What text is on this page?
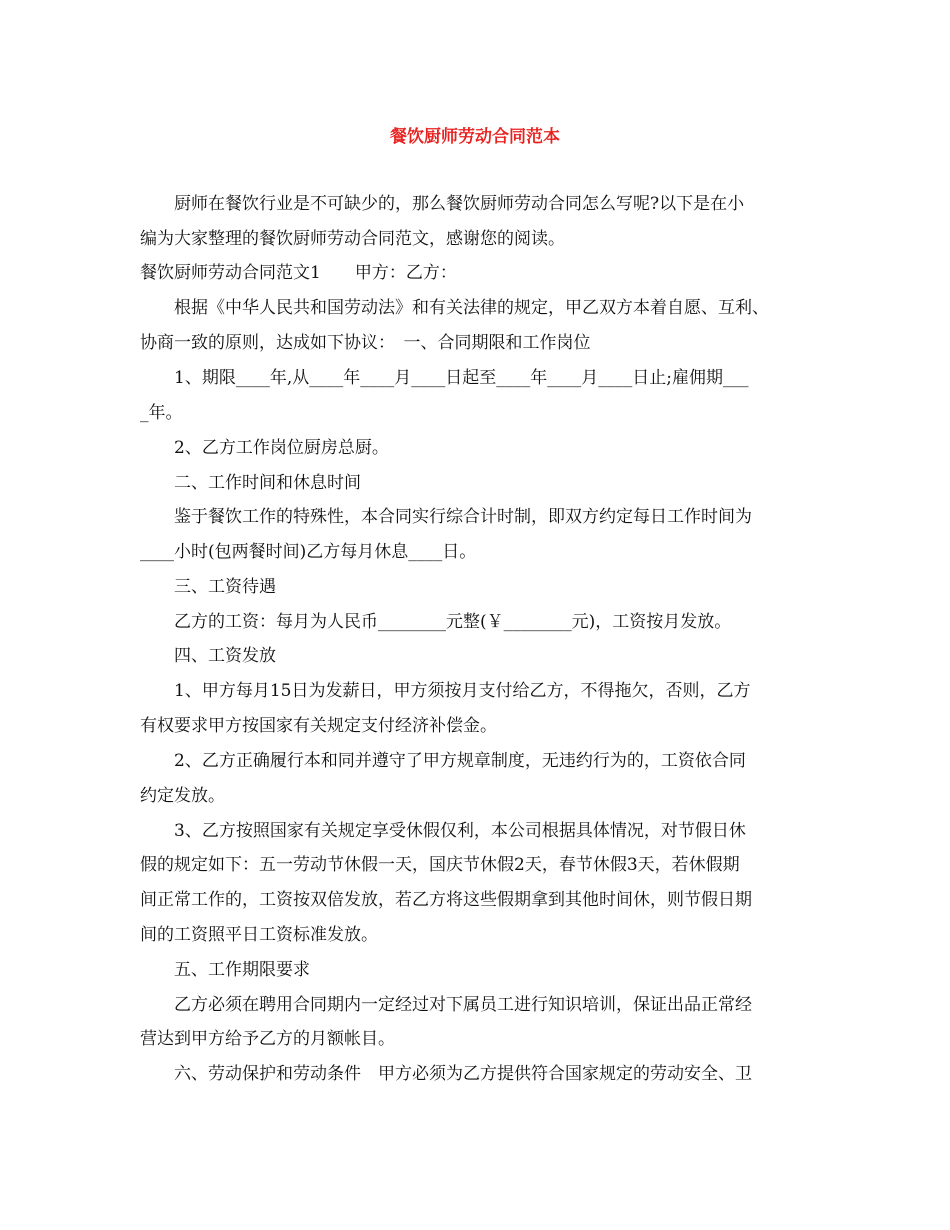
餐饮厨师劳动合同范本
厨师在餐饮行业是不可缺少的，那么餐饮厨师劳动合同怎么写呢?以下是在小
编为大家整理的餐饮厨师劳动合同范文，感谢您的阅读。
餐饮厨师劳动合同范文1　　甲方：乙方：
根据《中华人民共和国劳动法》和有关法律的规定，甲乙双方本着自愿、互利、
协商一致的原则，达成如下协议：　一、合同期限和工作岗位
1、期限____年,从____年____月____日起至____年____月____日止;雇佣期___
_年。
2、乙方工作岗位厨房总厨。
二、工作时间和休息时间
鉴于餐饮工作的特殊性，本合同实行综合计时制，即双方约定每日工作时间为
____小时(包两餐时间)乙方每月休息____日。
三、工资待遇
乙方的工资：每月为人民币________元整(￥________元)，工资按月发放。
四、工资发放
1、甲方每月15日为发薪日，甲方须按月支付给乙方，不得拖欠，否则，乙方
有权要求甲方按国家有关规定支付经济补偿金。
2、乙方正确履行本和同并遵守了甲方规章制度，无违约行为的，工资依合同
约定发放。
3、乙方按照国家有关规定享受休假仅利，本公司根据具体情况，对节假日休
假的规定如下：五一劳动节休假一天，国庆节休假2天，春节休假3天，若休假期
间正常工作的，工资按双倍发放，若乙方将这些假期拿到其他时间休，则节假日期
间的工资照平日工资标准发放。
五、工作期限要求
乙方必须在聘用合同期内一定经过对下属员工进行知识培训，保证出品正常经
营达到甲方给予乙方的月额帐目。
六、劳动保护和劳动条件　甲方必须为乙方提供符合国家规定的劳动安全、卫
